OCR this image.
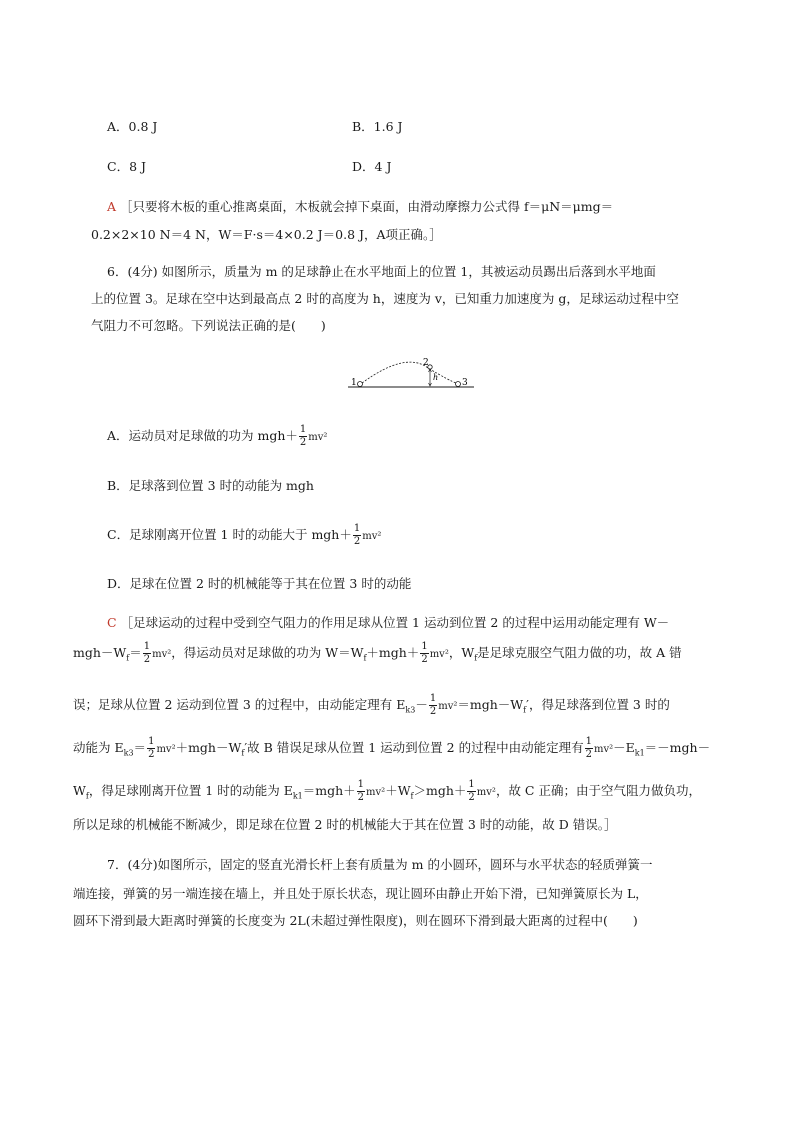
A．0.8 J	B．1.6 J
C．8 J	D．4 J
A ［只要将木板的重心推离桌面，木板就会掉下桌面，由滑动摩擦力公式得 f＝μN＝μmg＝
0.2×2×10 N＝4 N，W＝F·s＝4×0.2 J＝0.8 J，A项正确。］
6．(4分) 如图所示，质量为 m 的足球静止在水平地面上的位置 1，其被运动员踢出后落到水平地面
上的位置 3。足球在空中达到最高点 2 时的高度为 h，速度为 v，已知重力加速度为 g，足球运动过程中空
气阻力不可忽略。下列说法正确的是(　　)
1
2
3
h
A．运动员对足球做的功为 $mgh+ \frac{1}{2} mv^2$
B．足球落到位置 3 时的动能为 mgh
C．足球刚离开位置 1 时的动能大于 $mgh+ \frac{1}{2} mv^2$
D．足球在位置 2 时的机械能等于其在位置 3 时的动能
C ［足球运动的过程中受到空气阻力的作用足球从位置 1 运动到位置 2 的过程中运用动能定理有 W－
$mgh-W_f= \frac{1}{2} mv^2$，得运动员对足球做的功为 $W=W_f+mgh+ \frac{1}{2} mv^2$，$W_f$是足球克服空气阻力做的功，故 A 错
误；足球从位置 2 运动到位置 3 的过程中，由动能定理有 $E_{k3}- \frac{1}{2} mv^2=mgh-W_f'$，得足球落到位置 3 时的
动能为 $E_{k3}= \frac{1}{2} mv^2+mgh-W_f'$故 B 错误足球从位置 1 运动到位置 2 的过程中由动能定理有 $\frac{1}{2} mv^2-E_{k1}=-mgh-$
$W_f$，得足球刚离开位置 1 时的动能为 $E_{k1}=mgh+ \frac{1}{2} mv^2+W_f>mgh+ \frac{1}{2} mv^2$，故 C 正确；由于空气阻力做负功，
所以足球的机械能不断减少，即足球在位置 2 时的机械能大于其在位置 3 时的动能，故 D 错误。］
7．(4分)如图所示，固定的竖直光滑长杆上套有质量为 m 的小圆环，圆环与水平状态的轻质弹簧一
端连接，弹簧的另一端连接在墙上，并且处于原长状态，现让圆环由静止开始下滑，已知弹簧原长为 L，
圆环下滑到最大距离时弹簧的长度变为 2L(未超过弹性限度)，则在圆环下滑到最大距离的过程中(　　)
